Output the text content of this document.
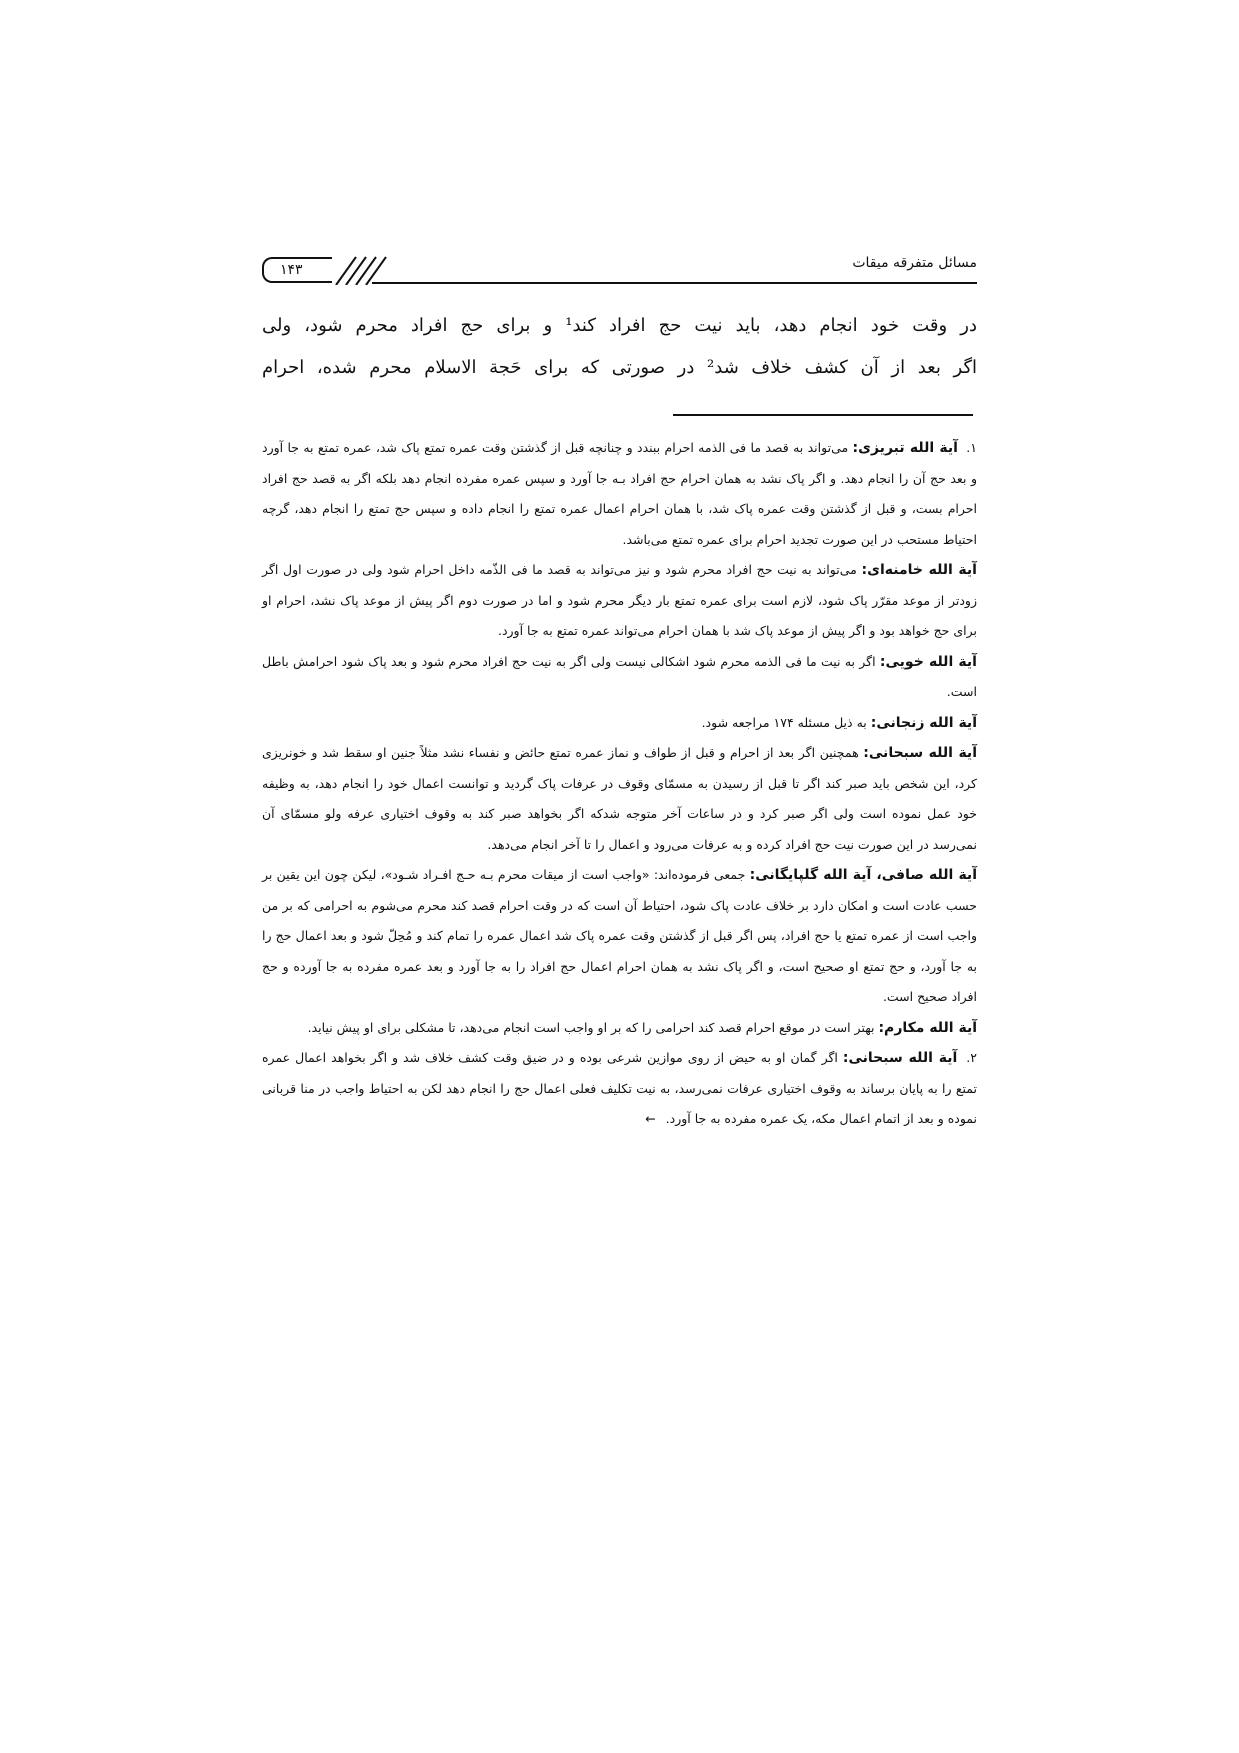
۱۴۳	مسائل متفرقه میقات

در وقت خود انجام دهد، باید نیت حج افراد کند¹ و برای حج افراد محرم شود، ولی

اگر بعد از آن کشف خلاف شد² در صورتی که برای حَجة الاسلام محرم شده، احرام

۱. آیة الله تبریزی: می‌تواند به قصد ما فی الذمه احرام ببندد و چنانچه قبل از گذشتن وقت عمره تمتع پاک شد، عمره تمتع به جا آورد و بعد حج آن را انجام دهد. و اگر پاک نشد به همان احرام حج افراد بـه جا آورد و سپس عمره مفرده انجام دهد بلکه اگر به قصد حج افراد احرام بست، و قبل از گذشتن وقت عمره پاک شد، با همان احرام اعمال عمره تمتع را انجام داده و سپس حج تمتع را انجام دهد، گرچه احتیاط مستحب در این صورت تجدید احرام برای عمره تمتع می‌باشد.

آیة الله خامنه‌ای: می‌تواند به نیت حج افراد محرم شود و نیز می‌تواند به قصد ما فی الذّمه داخل احرام شود ولی در صورت اول اگر زودتر از موعد مقرّر پاک شود، لازم است برای عمره تمتع بار دیگر محرم شود و اما در صورت دوم اگر پیش از موعد پاک نشد، احرام او برای حج خواهد بود و اگر پیش از موعد پاک شد با همان احرام می‌تواند عمره تمتع به جا آورد.

آیة الله خویی: اگر به نیت ما فی الذمه محرم شود اشکالی نیست ولی اگر به نیت حج افراد محرم شود و بعد پاک شود احرامش باطل است.

آیة الله زنجانی: به ذیل مسئله ۱۷۴ مراجعه شود.

آیة الله سبحانی: همچنین اگر بعد از احرام و قبل از طواف و نماز عمره تمتع حائض و نفساء نشد مثلاً جنین او سقط شد و خونریزی کرد، این شخص باید صبر کند اگر تا قبل از رسیدن به مسمّای وقوف در عرفات پاک گردید و توانست اعمال خود را انجام دهد، به وظیفه خود عمل نموده است ولی اگر صبر کرد و در ساعات آخر متوجه شدکه اگر بخواهد صبر کند به وقوف اختیاری عرفه ولو مسمّای آن نمی‌رسد در این صورت نیت حج افراد کرده و به عرفات می‌رود و اعمال را تا آخر انجام می‌دهد.

آیة الله صافی، آیة الله گلپایگانی: جمعی فرموده‌اند: «واجب است از میقات محرم بـه حـج افـراد شـود»، لیکن چون این یقین بر حسب عادت است و امکان دارد بر خلاف عادت پاک شود، احتیاط آن است که در وقت احرام قصد کند محرم می‌شوم به احرامی که بر من واجب است از عمره تمتع یا حج افراد، پس اگر قبل از گذشتن وقت عمره پاک شد اعمال عمره را تمام کند و مُحِلّ شود و بعد اعمال حج را به جا آورد، و حج تمتع او صحیح است، و اگر پاک نشد به همان احرام اعمال حج افراد را به جا آورد و بعد عمره مفرده به جا آورده و حج افراد صحیح است.

آیة الله مکارم: بهتر است در موقع احرام قصد کند احرامی را که بر او واجب است انجام می‌دهد، تا مشکلی برای او پیش نیاید.

۲. آیة الله سبحانی: اگر گمان او به حیض از روی موازین شرعی بوده و در ضیق وقت کشف خلاف شد و اگر بخواهد اعمال عمره تمتع را به پایان برساند به وقوف اختیاری عرفات نمی‌رسد، به نیت تکلیف فعلی اعمال حج را انجام دهد لکن به احتیاط واجب در منا قربانی نموده و بعد از اتمام اعمال مکه، یک عمره مفرده به جا آورد. ←
